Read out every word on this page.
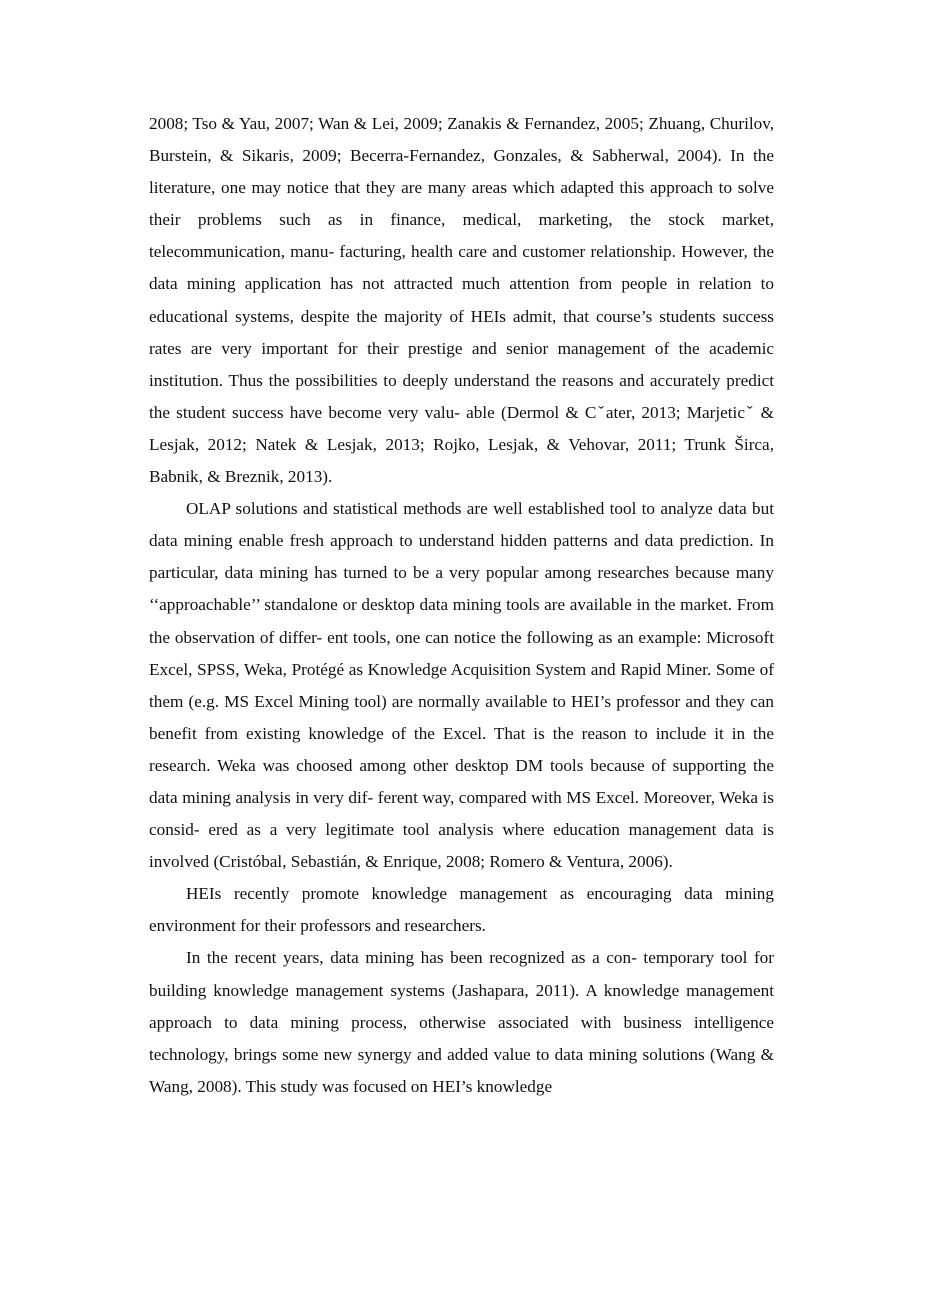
2008; Tso & Yau, 2007; Wan & Lei, 2009; Zanakis & Fernandez, 2005; Zhuang, Churilov, Burstein, & Sikaris, 2009; Becerra-Fernandez, Gonzales, & Sabherwal, 2004). In the literature, one may notice that they are many areas which adapted this approach to solve their problems such as in finance, medical, marketing, the stock market, telecommunication, manu- facturing, health care and customer relationship. However, the data mining application has not attracted much attention from people in relation to educational systems, despite the majority of HEIs admit, that course’s students success rates are very important for their prestige and senior management of the academic institution. Thus the possibilities to deeply understand the reasons and accurately predict the student success have become very valu- able (Dermol & Cˇater, 2013; Marjeticˇ & Lesjak, 2012; Natek & Lesjak, 2013; Rojko, Lesjak, & Vehovar, 2011; Trunk Širca, Babnik, & Breznik, 2013).

OLAP solutions and statistical methods are well established tool to analyze data but data mining enable fresh approach to understand hidden patterns and data prediction. In particular, data mining has turned to be a very popular among researches because many ‘‘approachable’’ standalone or desktop data mining tools are available in the market. From the observation of differ- ent tools, one can notice the following as an example: Microsoft Excel, SPSS, Weka, Protégé as Knowledge Acquisition System and Rapid Miner. Some of them (e.g. MS Excel Mining tool) are normally available to HEI’s professor and they can benefit from existing knowledge of the Excel. That is the reason to include it in the research. Weka was choosed among other desktop DM tools because of supporting the data mining analysis in very dif- ferent way, compared with MS Excel. Moreover, Weka is consid- ered as a very legitimate tool analysis where education management data is involved (Cristóbal, Sebastián, & Enrique, 2008; Romero & Ventura, 2006).

HEIs recently promote knowledge management as encouraging data mining environment for their professors and researchers.

In the recent years, data mining has been recognized as a con- temporary tool for building knowledge management systems (Jashapara, 2011). A knowledge management approach to data mining process, otherwise associated with business intelligence technology, brings some new synergy and added value to data mining solutions (Wang & Wang, 2008). This study was focused on HEI’s knowledge
